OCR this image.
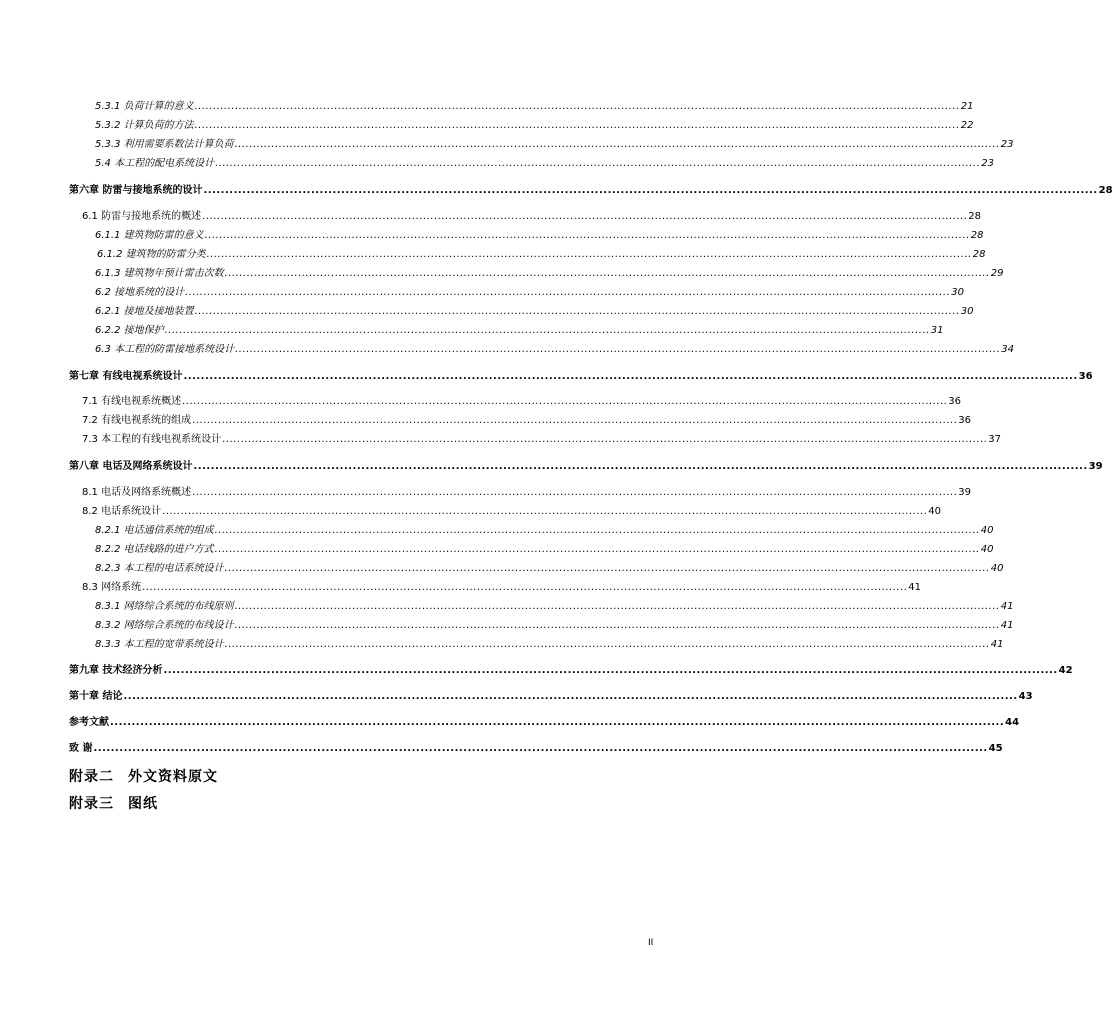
5.3.1 负荷计算的意义 ................................................................................................................................................................................................................ 21
5.3.2 计算负荷的方法 ................................................................................................................................................................................................................ 22
5.3.3 利用需要系数法计算负荷 ................................................................................................................................................................................................................ 23
5.4 本工程的配电系统设计 ................................................................................................................................................................................................................ 23
第六章 防雷与接地系统的设计 ................................................................................................................................................................................................................ 28
6.1 防雷与接地系统的概述 ................................................................................................................................................................................................................ 28
6.1.1 建筑物防雷的意义 ................................................................................................................................................................................................................ 28
6.1.2 建筑物的防雷分类 ................................................................................................................................................................................................................ 28
6.1.3 建筑物年预计雷击次数 ................................................................................................................................................................................................................ 29
6.2 接地系统的设计 ................................................................................................................................................................................................................ 30
6.2.1 接地及接地装置 ................................................................................................................................................................................................................ 30
6.2.2 接地保护 ................................................................................................................................................................................................................ 31
6.3 本工程的防雷接地系统设计 ................................................................................................................................................................................................................ 34
第七章 有线电视系统设计 ................................................................................................................................................................................................................ 36
7.1 有线电视系统概述 ................................................................................................................................................................................................................ 36
7.2 有线电视系统的组成 ................................................................................................................................................................................................................ 36
7.3 本工程的有线电视系统设计 ................................................................................................................................................................................................................ 37
第八章 电话及网络系统设计 ................................................................................................................................................................................................................ 39
8.1 电话及网络系统概述 ................................................................................................................................................................................................................ 39
8.2 电话系统设计 ................................................................................................................................................................................................................ 40
8.2.1 电话通信系统的组成 ................................................................................................................................................................................................................ 40
8.2.2 电话线路的进户方式 ................................................................................................................................................................................................................ 40
8.2.3 本工程的电话系统设计 ................................................................................................................................................................................................................ 40
8.3 网络系统 ................................................................................................................................................................................................................ 41
8.3.1 网络综合系统的布线原则 ................................................................................................................................................................................................................ 41
8.3.2 网络综合系统的布线设计 ................................................................................................................................................................................................................ 41
8.3.3 本工程的宽带系统设计 ................................................................................................................................................................................................................ 41
第九章 技术经济分析 ................................................................................................................................................................................................................ 42
第十章 结论 ................................................................................................................................................................................................................ 43
参考文献 ................................................................................................................................................................................................................ 44
致 谢 ................................................................................................................................................................................................................ 45
附录二 外文资料原文
附录三 图纸
II
